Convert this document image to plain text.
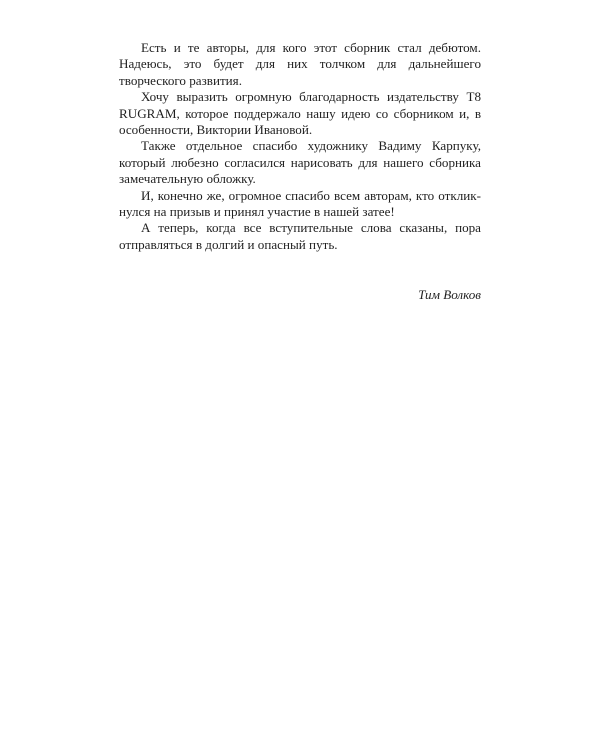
Есть и те авторы, для кого этот сборник стал дебютом. Надеюсь, это будет для них толчком для дальнейшего творческого развития.

Хочу выразить огромную благодарность издательству T8 RUGRAM, которое поддержало нашу идею со сборником и, в особенности, Виктории Ивановой.

Также отдельное спасибо художнику Вадиму Карпуку, который любезно согласился нарисовать для нашего сборника замечательную обложку.

И, конечно же, огромное спасибо всем авторам, кто откликнулся на призыв и принял участие в нашей затее!

А теперь, когда все вступительные слова сказаны, пора отправляться в долгий и опасный путь.

Тим Волков
